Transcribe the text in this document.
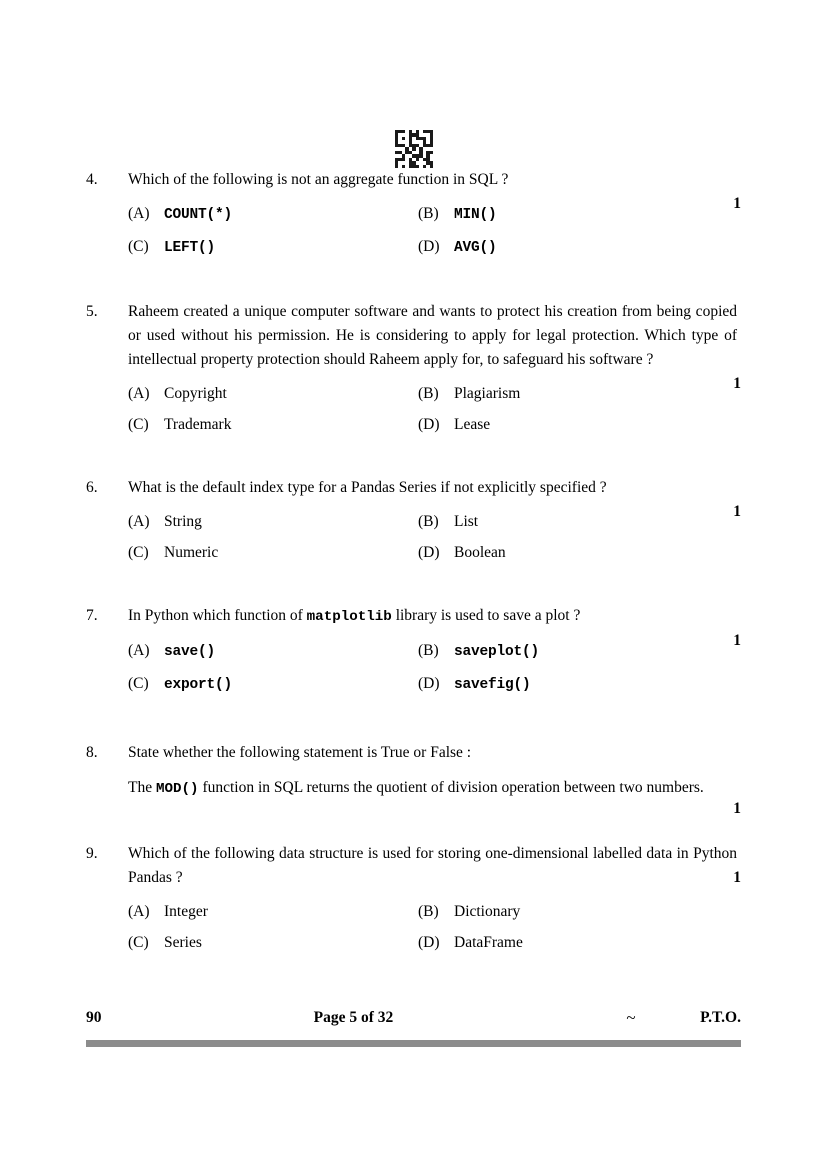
4.	Which of the following is not an aggregate function in SQL ?
1
(A) COUNT(*)	(B)	MIN()
(C)	LEFT()	(D) AVG()
5.	Raheem created a unique computer software and wants to protect his creation from being copied or used without his permission. He is considering to apply for legal protection. Which type of intellectual property protection should Raheem apply for, to safeguard his software ?
1
(A) Copyright	(B) Plagiarism
(C) Trademark	(D) Lease
6.	What is the default index type for a Pandas Series if not explicitly specified ?
1
(A) String	(B) List
(C) Numeric	(D) Boolean
7.	In Python which function of matplotlib library is used to save a plot ?
1
(A) save()	(B)	saveplot()
(C)	export()	(D) savefig()
8.	State whether the following statement is True or False :
The MOD() function in SQL returns the quotient of division operation between two numbers.
1
9.	Which of the following data structure is used for storing one-dimensional labelled data in Python Pandas ?	1
(A) Integer	(B) Dictionary
(C) Series	(D) DataFrame
90	Page 5 of 32	~	P.T.O.
